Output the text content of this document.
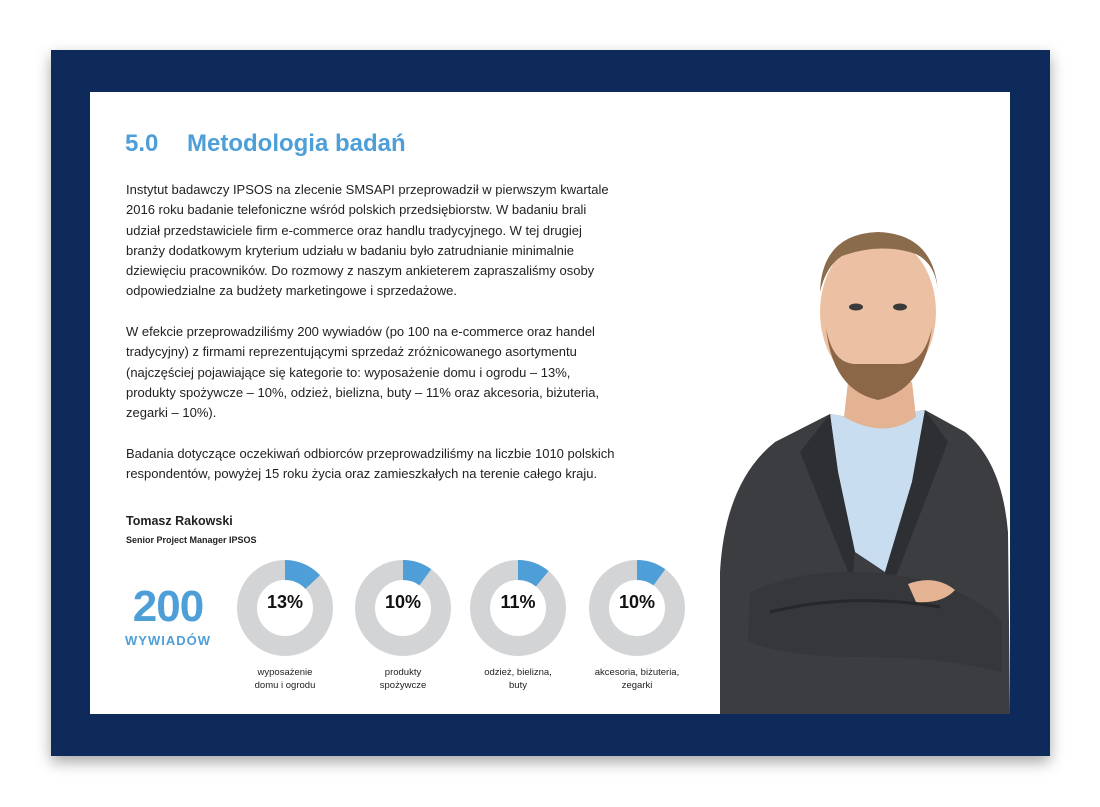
5.0 Metodologia badań

Instytut badawczy IPSOS na zlecenie SMSAPI przeprowadził w pierwszym kwartale 2016 roku badanie telefoniczne wśród polskich przedsiębiorstw. W badaniu brali udział przedstawiciele firm e-commerce oraz handlu tradycyjnego. W tej drugiej branży dodatkowym kryterium udziału w badaniu było zatrudnianie minimalnie dziewięciu pracowników. Do rozmowy z naszym ankieterem zapraszaliśmy osoby odpowiedzialne za budżety marketingowe i sprzedażowe.

W efekcie przeprowadziliśmy 200 wywiadów (po 100 na e-commerce oraz handel tradycyjny) z firmami reprezentującymi sprzedaż zróżnicowanego asortymentu (najczęściej pojawiające się kategorie to: wyposażenie domu i ogrodu – 13%, produkty spożywcze – 10%, odzież, bielizna, buty – 11% oraz akcesoria, biżuteria, zegarki – 10%).

Badania dotyczące oczekiwań odbiorców przeprowadziliśmy na liczbie 1010 polskich respondentów, powyżej 15 roku życia oraz zamieszkałych na terenie całego kraju.

Tomasz Rakowski
Senior Project Manager IPSOS
200
WYWIADÓW
13%	10%	11%	10%
wyposażenie
domu i ogrodu
produkty
spożywcze
odzież, bielizna,
buty
akcesoria, biżuteria,
zegarki
